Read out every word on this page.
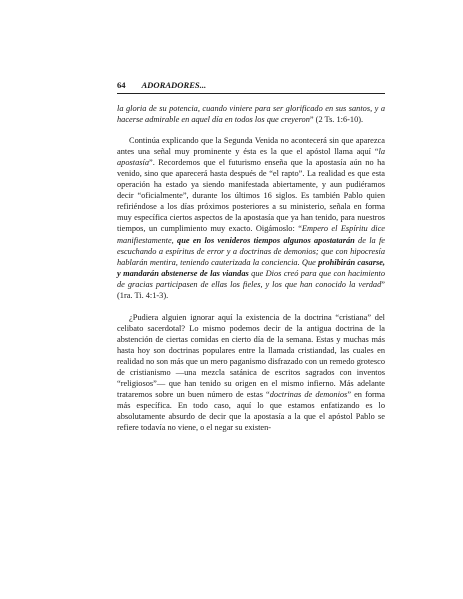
64 ADORADORES...

la gloria de su potencia, cuando viniere para ser glorificado en sus santos, y a hacerse admirable en aquel día en todos los que creyeron” (2 Ts. 1:6-10).

Continúa explicando que la Segunda Venida no acontecerá sin que aparezca antes una señal muy prominente y ésta es la que el apóstol llama aquí “la apostasía”. Recordemos que el futurismo enseña que la apostasía aún no ha venido, sino que aparecerá hasta después de “el rapto”. La realidad es que esta operación ha estado ya siendo manifestada abiertamente, y aun pudiéramos decir “oficialmente”, durante los últimos 16 siglos. Es también Pablo quien refiriéndose a los días próximos posteriores a su ministerio, señala en forma muy específica ciertos aspectos de la apostasía que ya han tenido, para nuestros tiempos, un cumplimiento muy exacto. Oigámoslo: “Empero el Espíritu dice manifiestamente, que en los venideros tiempos algunos apostatarán de la fe escuchando a espíritus de error y a doctrinas de demonios; que con hipocresía hablarán mentira, teniendo cauterizada la conciencia. Que prohibirán casarse, y mandarán abstenerse de las viandas que Dios creó para que con hacimiento de gracias participasen de ellas los fieles, y los que han conocido la verdad” (1ra. Ti. 4:1-3).

¿Pudiera alguien ignorar aquí la existencia de la doctrina “cristiana” del celibato sacerdotal? Lo mismo podemos decir de la antigua doctrina de la abstención de ciertas comidas en cierto día de la semana. Estas y muchas más hasta hoy son doctrinas populares entre la llamada cristiandad, las cuales en realidad no son más que un mero paganismo disfrazado con un remedo grotesco de cristianismo —una mezcla satánica de escritos sagrados con inventos “religiosos”— que han tenido su origen en el mismo infierno. Más adelante trataremos sobre un buen número de estas “doctrinas de demonios” en forma más específica. En todo caso, aquí lo que estamos enfatizando es lo absolutamente absurdo de decir que la apostasía a la que el apóstol Pablo se refiere todavía no viene, o el negar su existen-
